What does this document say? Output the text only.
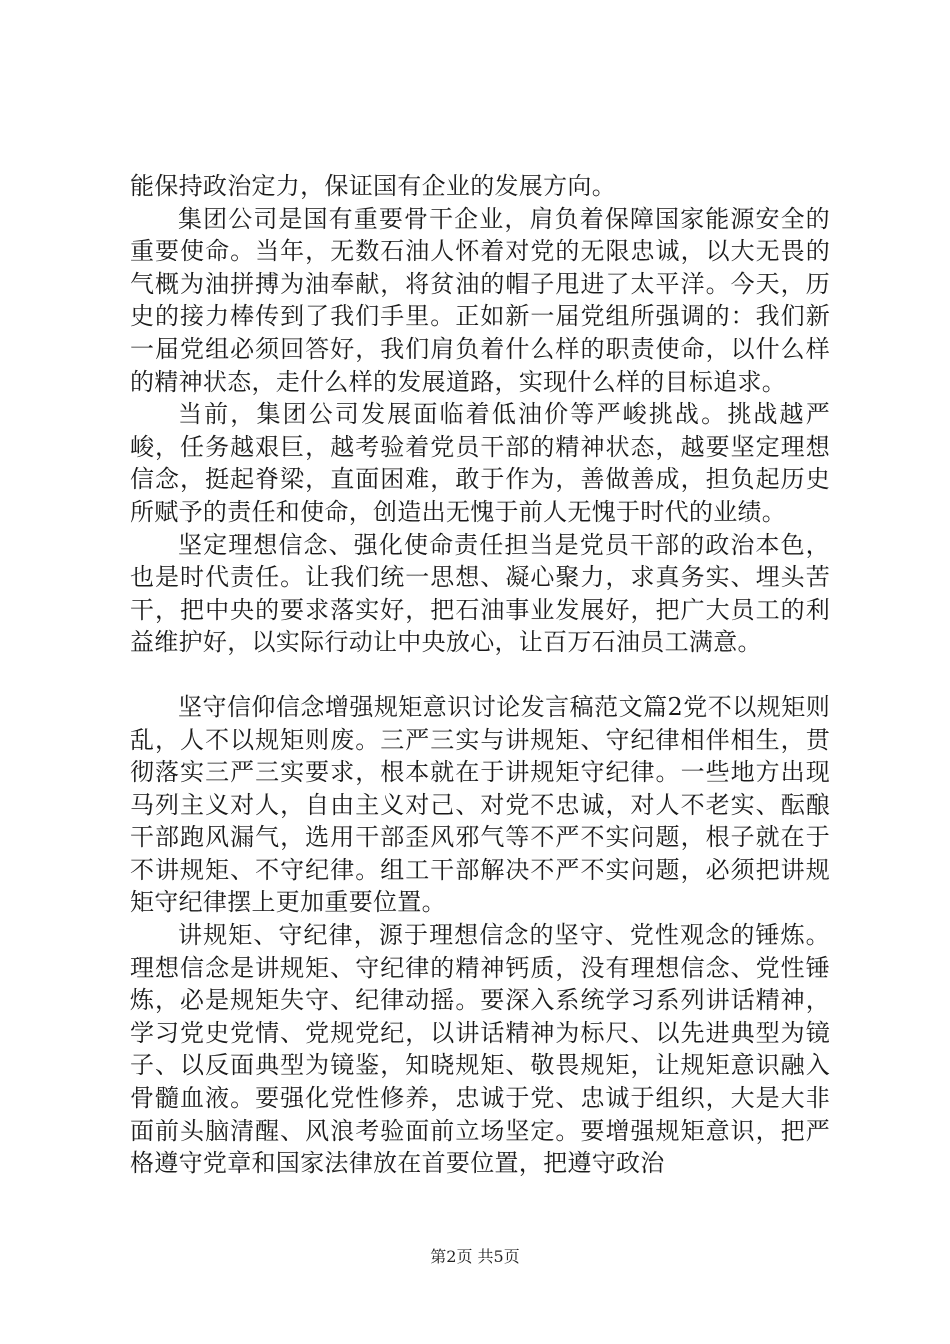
能保持政治定力，保证国有企业的发展方向。

集团公司是国有重要骨干企业，肩负着保障国家能源安全的重要使命。当年，无数石油人怀着对党的无限忠诚，以大无畏的气概为油拼搏为油奉献，将贫油的帽子甩进了太平洋。今天，历史的接力棒传到了我们手里。正如新一届党组所强调的：我们新一届党组必须回答好，我们肩负着什么样的职责使命，以什么样的精神状态，走什么样的发展道路，实现什么样的目标追求。

当前，集团公司发展面临着低油价等严峻挑战。挑战越严峻，任务越艰巨，越考验着党员干部的精神状态，越要坚定理想信念，挺起脊梁，直面困难，敢于作为，善做善成，担负起历史所赋予的责任和使命，创造出无愧于前人无愧于时代的业绩。

坚定理想信念、强化使命责任担当是党员干部的政治本色，也是时代责任。让我们统一思想、凝心聚力，求真务实、埋头苦干，把中央的要求落实好，把石油事业发展好，把广大员工的利益维护好，以实际行动让中央放心，让百万石油员工满意。

坚守信仰信念增强规矩意识讨论发言稿范文篇2党不以规矩则乱，人不以规矩则废。三严三实与讲规矩、守纪律相伴相生，贯彻落实三严三实要求，根本就在于讲规矩守纪律。一些地方出现马列主义对人，自由主义对己、对党不忠诚，对人不老实、酝酿干部跑风漏气，选用干部歪风邪气等不严不实问题，根子就在于不讲规矩、不守纪律。组工干部解决不严不实问题，必须把讲规矩守纪律摆上更加重要位置。

讲规矩、守纪律，源于理想信念的坚守、党性观念的锤炼。理想信念是讲规矩、守纪律的精神钙质，没有理想信念、党性锤炼，必是规矩失守、纪律动摇。要深入系统学习系列讲话精神，学习党史党情、党规党纪，以讲话精神为标尺、以先进典型为镜子、以反面典型为镜鉴，知晓规矩、敬畏规矩，让规矩意识融入骨髓血液。要强化党性修养，忠诚于党、忠诚于组织，大是大非面前头脑清醒、风浪考验面前立场坚定。要增强规矩意识，把严格遵守党章和国家法律放在首要位置，把遵守政治

第2页 共5页
